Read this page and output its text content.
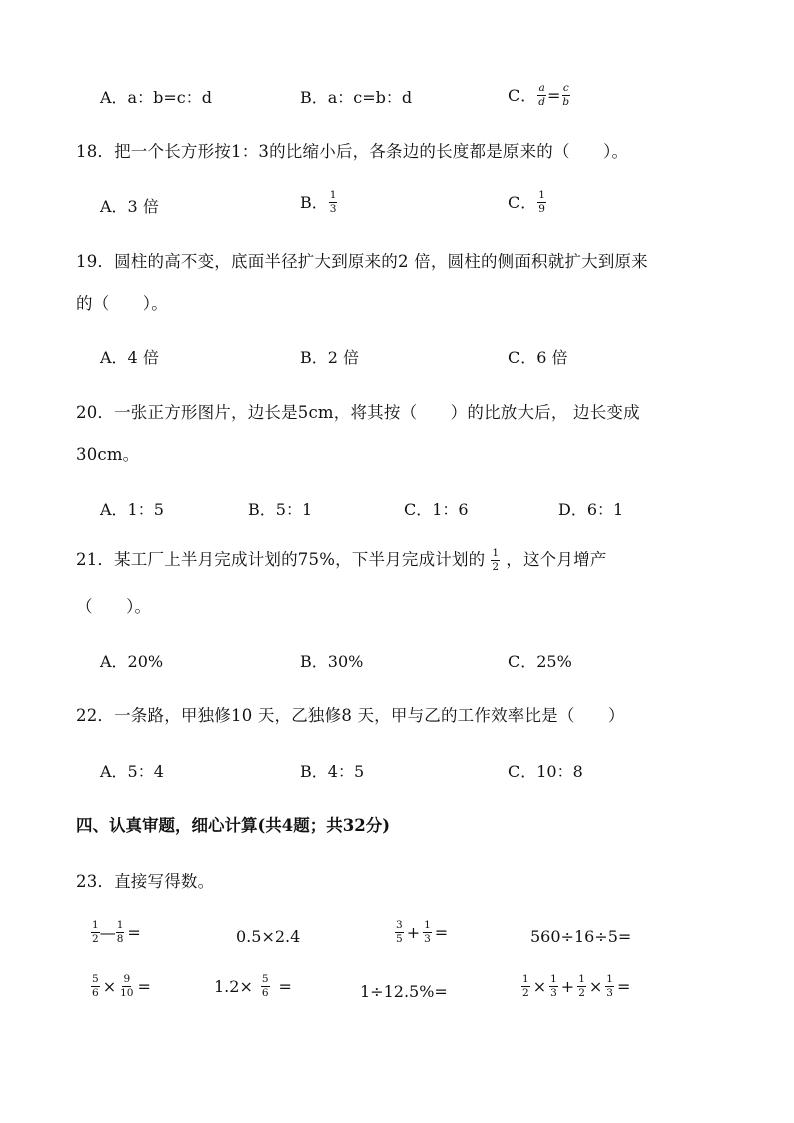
A．a：b=c：d	B．a：c=b：d	C． $\frac{a}{d} = \frac{c}{b}$
18．把一个长方形按1：3的比缩小后，各条边的长度都是原来的（　　）。
A．3 倍	B． $\frac{1}{3}$	C． $\frac{1}{9}$
19．圆柱的高不变，底面半径扩大到原来的2 倍，圆柱的侧面积就扩大到原来
的（　　）。
A．4 倍	B．2 倍	C．6 倍
20．一张正方形图片，边长是5cm，将其按（　　）的比放大后， 边长变成
30cm。
A．1：5	B．5：1	C．1：6	D．6：1
21．某工厂上半月完成计划的75%，下半月完成计划的 $\frac{1}{2}$ ，这个月增产
（　　）。
A．20%	B．30%	C．25%
22．一条路，甲独修10 天，乙独修8 天，甲与乙的工作效率比是（　　）
A．5：4	B．4：5	C．10：8
四、认真审题，细心计算(共4题；共32分)
23．直接写得数。
$\frac{1}{2}$ — $\frac{1}{8}$ =	0.5×2.4	$\frac{3}{5} + \frac{1}{3}$ =	560÷16÷5=
$\frac{5}{6} \times \frac{9}{10}$ =	$1.2\times \frac{5}{6}$ =	1÷12.5%=	$\frac{1}{2} \times \frac{1}{3} + \frac{1}{2} \times \frac{1}{3}$ =
